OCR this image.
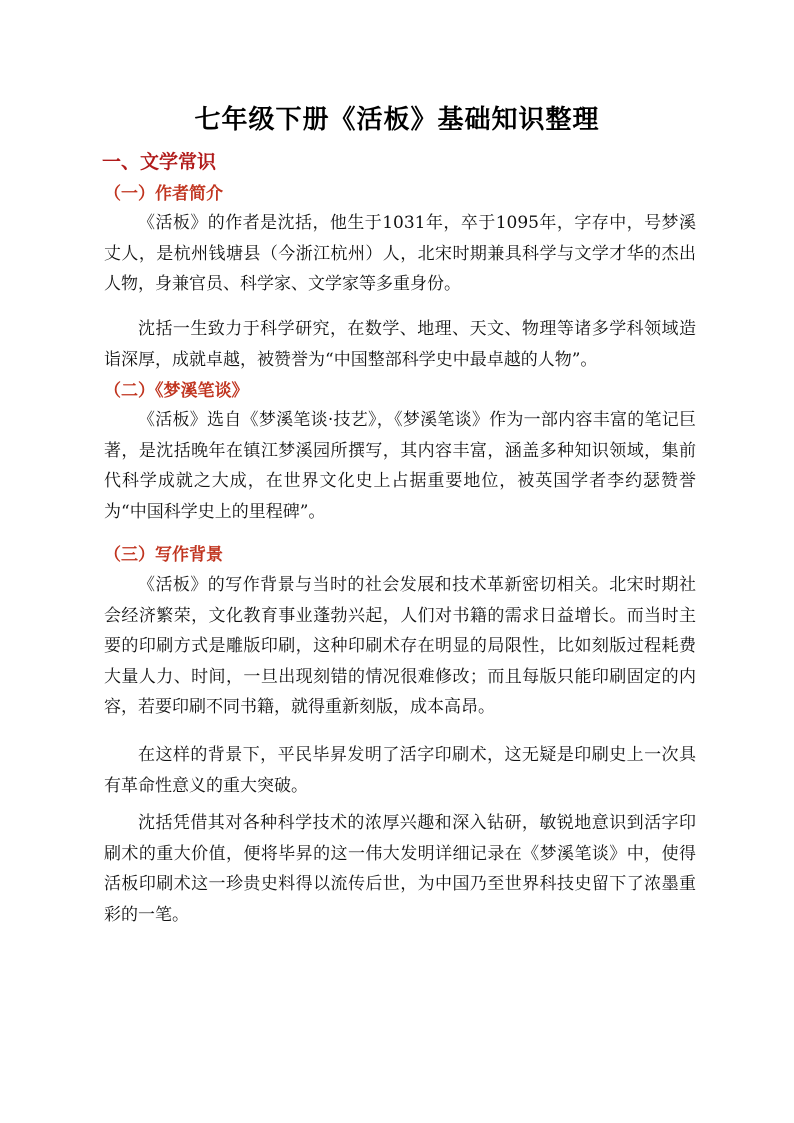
七年级下册《活板》基础知识整理
一、文学常识
（一）作者简介

《活板》的作者是沈括，他生于1031年，卒于1095年，字存中，号梦溪丈人，是杭州钱塘县（今浙江杭州）人，北宋时期兼具科学与文学才华的杰出人物，身兼官员、科学家、文学家等多重身份。

沈括一生致力于科学研究，在数学、地理、天文、物理等诸多学科领域造诣深厚，成就卓越，被赞誉为“中国整部科学史中最卓越的人物”。

（二）《梦溪笔谈》

《活板》选自《梦溪笔谈·技艺》，《梦溪笔谈》作为一部内容丰富的笔记巨著，是沈括晚年在镇江梦溪园所撰写，其内容丰富，涵盖多种知识领域，集前代科学成就之大成，在世界文化史上占据重要地位，被英国学者李约瑟赞誉为“中国科学史上的里程碑”。

（三）写作背景

《活板》的写作背景与当时的社会发展和技术革新密切相关。北宋时期社会经济繁荣，文化教育事业蓬勃兴起，人们对书籍的需求日益增长。而当时主要的印刷方式是雕版印刷，这种印刷术存在明显的局限性，比如刻版过程耗费大量人力、时间，一旦出现刻错的情况很难修改；而且每版只能印刷固定的内容，若要印刷不同书籍，就得重新刻版，成本高昂。

在这样的背景下，平民毕昇发明了活字印刷术，这无疑是印刷史上一次具有革命性意义的重大突破。

沈括凭借其对各种科学技术的浓厚兴趣和深入钻研，敏锐地意识到活字印刷术的重大价值，便将毕昇的这一伟大发明详细记录在《梦溪笔谈》中，使得活板印刷术这一珍贵史料得以流传后世，为中国乃至世界科技史留下了浓墨重彩的一笔。
